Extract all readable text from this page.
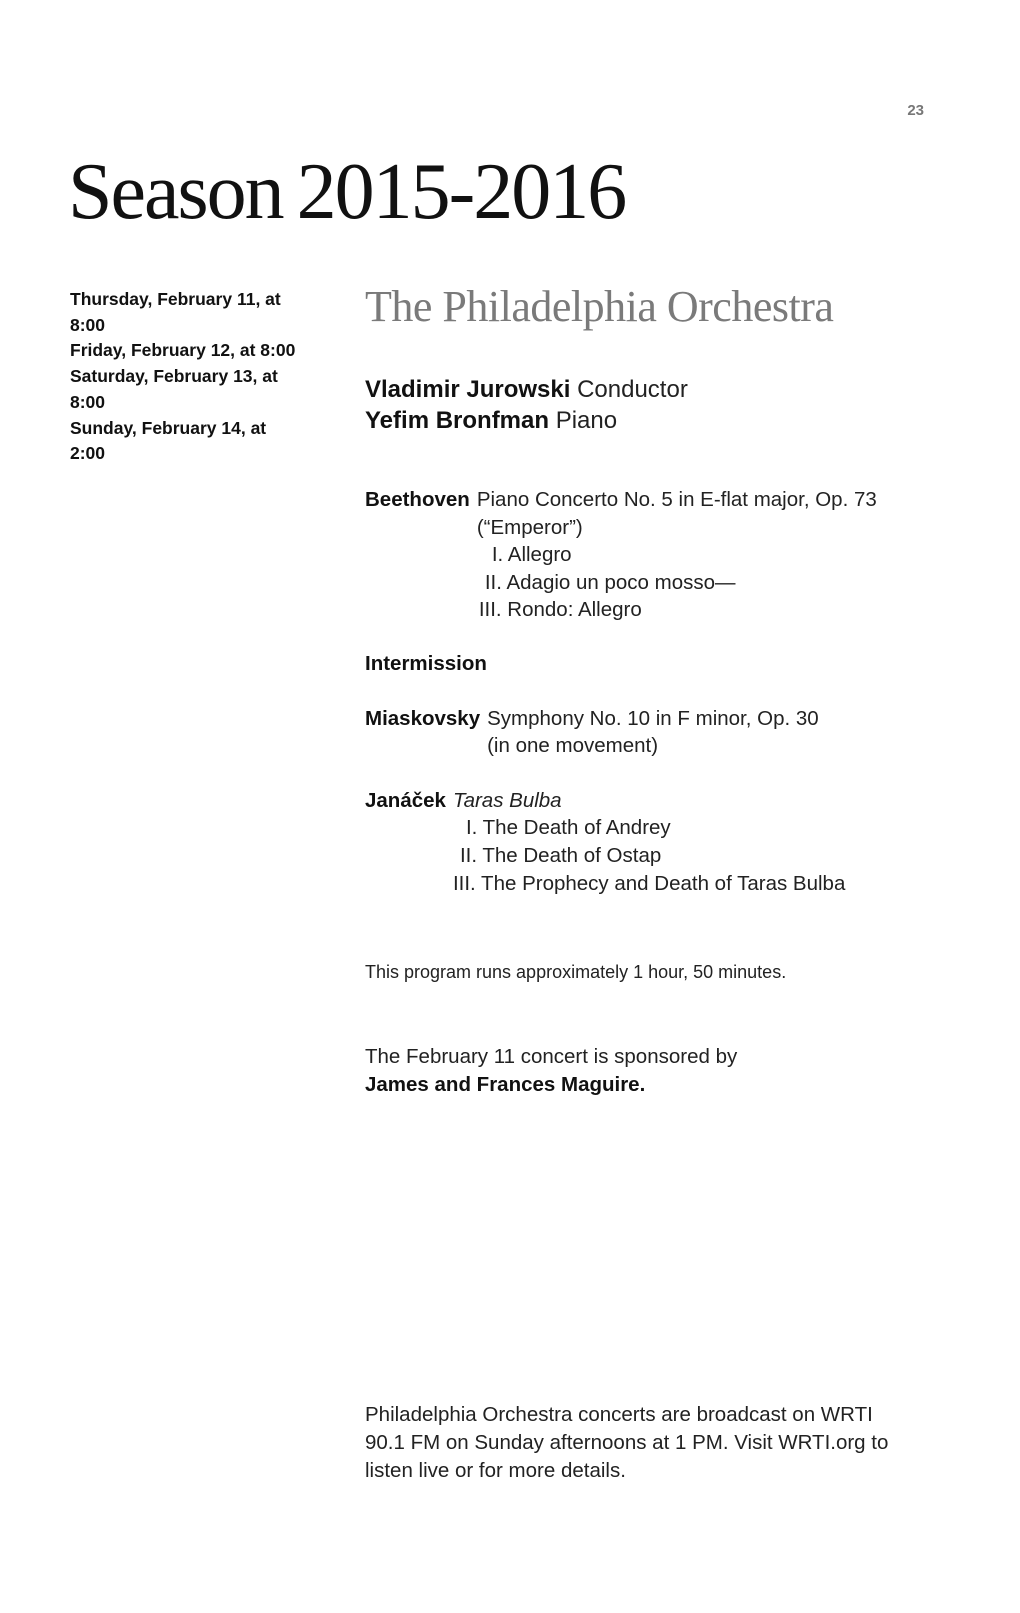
23
Season 2015-2016
Thursday, February 11, at
8:00
Friday, February 12, at 8:00
Saturday, February 13, at
8:00
Sunday, February 14, at
2:00
The Philadelphia Orchestra
Vladimir Jurowski Conductor
Yefim Bronfman Piano
Beethoven Piano Concerto No. 5 in E-flat major, Op. 73
(“Emperor”)
I. Allegro
II. Adagio un poco mosso—
III. Rondo: Allegro
Intermission
Miaskovsky Symphony No. 10 in F minor, Op. 30
(in one movement)
Janáček Taras Bulba
I. The Death of Andrey
II. The Death of Ostap
III. The Prophecy and Death of Taras Bulba
This program runs approximately 1 hour, 50 minutes.
The February 11 concert is sponsored by
James and Frances Maguire.
Philadelphia Orchestra concerts are broadcast on WRTI
90.1 FM on Sunday afternoons at 1 PM. Visit WRTI.org to
listen live or for more details.
